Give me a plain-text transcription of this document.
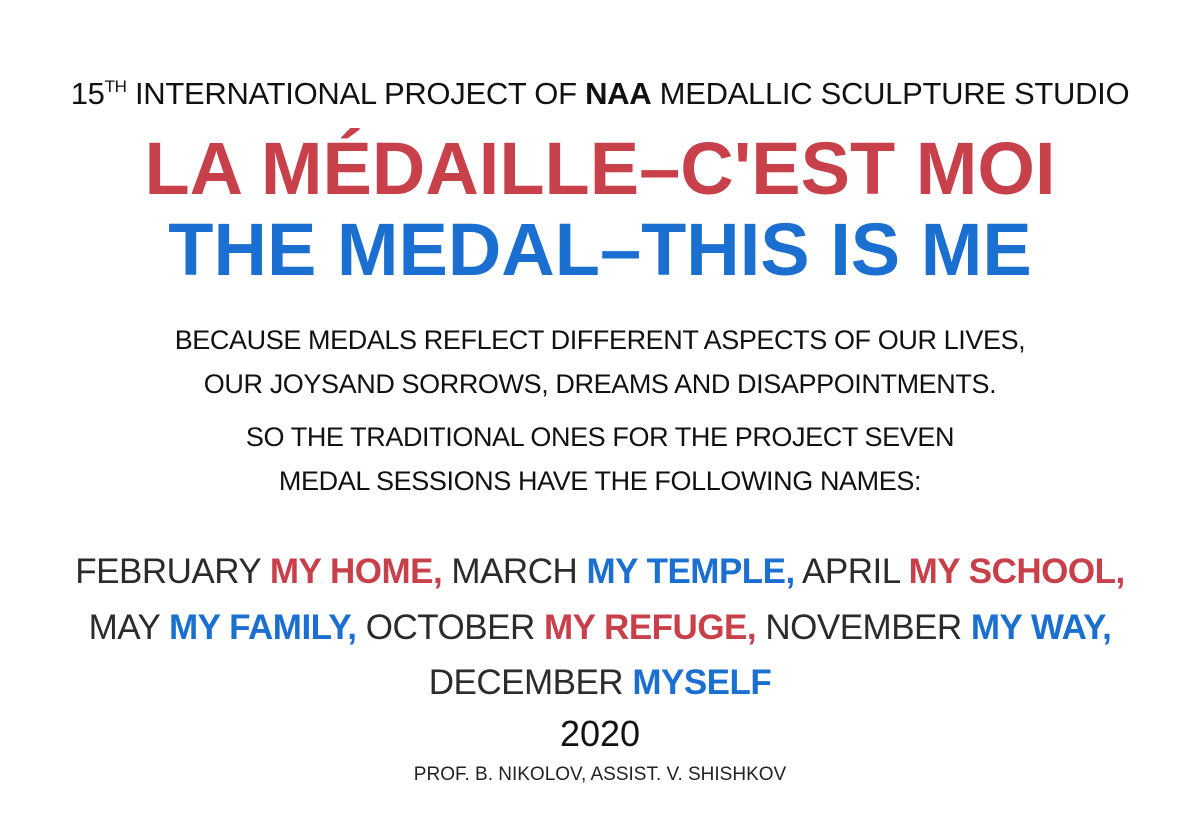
15TH INTERNATIONAL PROJECT OF NAA MEDALLIC SCULPTURE STUDIO
LA MÉDAILLE–C'EST MOI
THE MEDAL–THIS IS ME
BECAUSE MEDALS REFLECT DIFFERENT ASPECTS OF OUR LIVES,
OUR JOYSAND SORROWS, DREAMS AND DISAPPOINTMENTS.
SO THE TRADITIONAL ONES FOR THE PROJECT SEVEN
MEDAL SESSIONS HAVE THE FOLLOWING NAMES:
FEBRUARY MY HOME, MARCH MY TEMPLE, APRIL MY SCHOOL,
MAY MY FAMILY, OCTOBER MY REFUGE, NOVEMBER MY WAY,
DECEMBER MYSELF
2020
PROF. B. NIKOLOV, ASSIST. V. SHISHKOV
